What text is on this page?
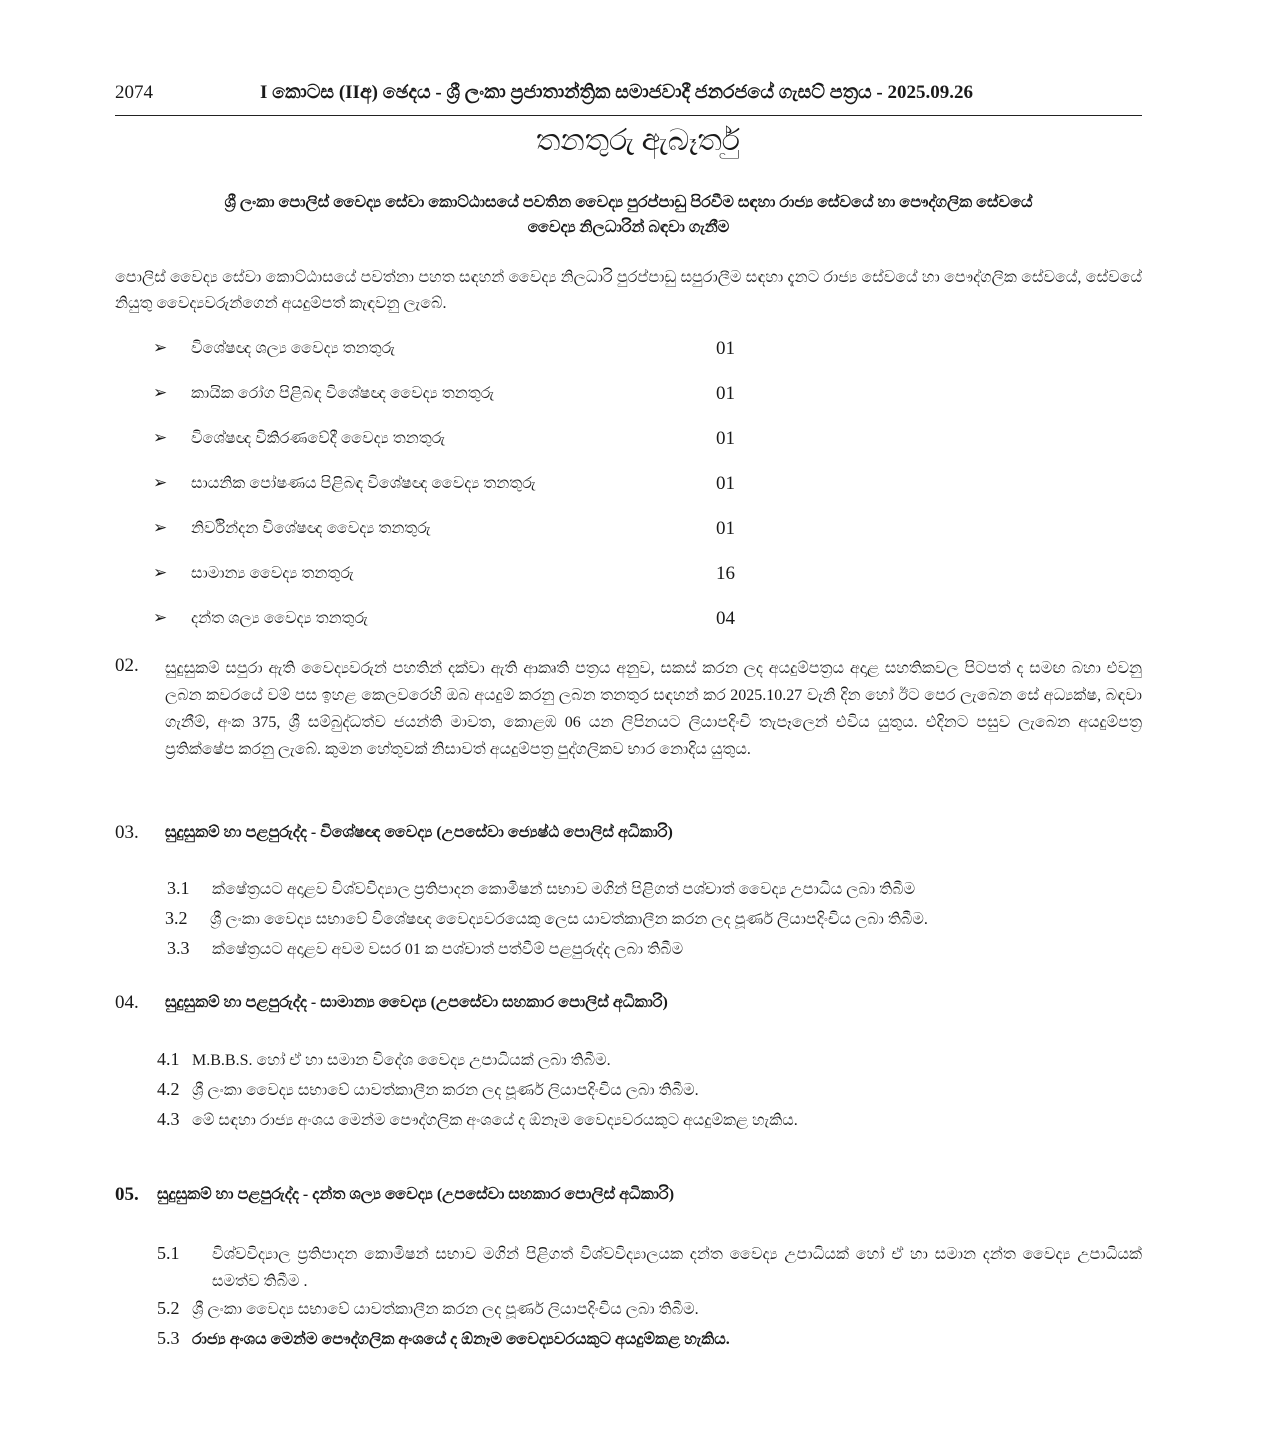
2074	I කොටස (IIඅ) ඡෙදය - ශ්‍රී ලංකා ප්‍රජාතාන්ත්‍රික සමාජවාදී ජනරජයේ ගැසට් පත්‍රය - 2025.09.26
තනතුරු ඇබෑර්තු
ශ්‍රී ලංකා පොලිස් වෛද්‍ය සේවා කොට්ඨාසයේ පවතින වෛද්‍ය පුරප්පාඩු පිරවීම සඳහා රාජ්‍ය සේවයේ හා පෞද්ගලික සේවයේ
වෛද්‍ය නිලධාරින් බඳවා ගැනීම
පොලිස් වෛද්‍ය සේවා කොට්ඨාසයේ පවත්නා පහත සඳහන් වෛද්‍ය නිලධාරි පුරප්පාඩු සපුරාලීම සඳහා දැනට රාජ්‍ය සේවයේ හා පෞද්ගලික සේවයේ, සේවයේ නියුතු වෛද්‍යවරුන්ගෙන් අයදුම්පත් කැඳවනු ලැබේ.
➢ විශේෂඥ ශල්‍ය වෛද්‍ය තනතුරු	01
➢ කායික රෝග පිළිබඳ විශේෂඥ වෛද්‍ය තනතුරු	01
➢ විශේෂඥ විකිරණවේදී වෛද්‍ය තනතුරු	01
➢ සායනික පෝෂණය පිළිබඳ විශේෂඥ වෛද්‍ය තනතුරු	01
➢ නිර්වින්දන විශේෂඥ වෛද්‍ය තනතුරු	01
➢ සාමාන්‍ය වෛද්‍ය තනතුරු	16
➢ දන්ත ශල්‍ය වෛද්‍ය තනතුරු	04
02. සුදුසුකම් සපුරා ඇති වෛද්‍යවරුන් පහතින් දක්වා ඇති ආකෘති පත්‍රය අනුව, සකස් කරන ලද අයදුම්පත්‍රය අදාළ සහතිකවල පිටපත් ද සමඟ බහා එවනු ලබන කවරයේ වම් පස ඉහළ කෙලවරෙහි ඔබ අයදුම් කරනු ලබන තනතුර සඳහන් කර 2025.10.27 වැනි දින හෝ ඊට පෙර ලැබෙන සේ අධ්‍යක්ෂ, බඳවා ගැනීම්, අංක 375, ශ්‍රී සම්බුද්ධත්ව ජයන්ති මාවත, කොළඹ 06 යන ලිපිනයට ලියාපදිංචි තැපෑලෙන් එවිය යුතුය. එදිනට පසුව ලැබෙන අයදුම්පත්‍ර ප්‍රතික්ෂේප කරනු ලැබේ. කුමන හේතුවක් නිසාවත් අයදුම්පත්‍ර පුද්ගලිකව භාර නොදිය යුතුය.
03. සුදුසුකම් හා පළපුරුද්ද - විශේෂඥ වෛද්‍ය (උපසේවා ජ්‍යෙෂ්ඨ පොලිස් අධිකාරි)
3.1 ක්ෂේත්‍රයට අදාළව විශ්වවිද්‍යාල ප්‍රතිපාදන කොමිෂන් සභාව මගින් පිළිගත් පශ්චාත් වෛද්‍ය උපාධිය ලබා තිබීම
3.2 ශ්‍රී ලංකා වෛද්‍ය සභාවේ විශේෂඥ වෛද්‍යවරයෙකු ලෙස යාවත්කාලීන කරන ලද පූර්ණ ලියාපදිංචිය ලබා තිබීම.
3.3 ක්ෂේත්‍රයට අදාළව අවම වසර 01 ක පශ්චාත් පත්වීම් පළපුරුද්ද ලබා තිබීම
04. සුදුසුකම් හා පළපුරුද්ද - සාමාන්‍ය වෛද්‍ය (උපසේවා සහකාර පොලිස් අධිකාරි)
4.1 M.B.B.S. හෝ ඒ හා සමාන විදේශ වෛද්‍ය උපාධියක් ලබා තිබීම.
4.2 ශ්‍රී ලංකා වෛද්‍ය සභාවේ යාවත්කාලීන කරන ලද පූර්ණ ලියාපදිංචිය ලබා තිබීම.
4.3 මේ සඳහා රාජ්‍ය අංශය මෙන්ම පෞද්ගලික අංශයේ ද ඕනෑම වෛද්‍යවරයකුට අයදුම්කළ හැකිය.
05. සුදුසුකම් හා පළපුරුද්ද - දන්ත ශල්‍ය වෛද්‍ය (උපසේවා සහකාර පොලිස් අධිකාරි)
5.1 විශ්වවිද්‍යාල ප්‍රතිපාදන කොමිෂන් සභාව මගින් පිළිගත් විශ්වවිද්‍යාලයක දන්ත වෛද්‍ය උපාධියක් හෝ ඒ හා සමාන දන්ත වෛද්‍ය උපාධියක් සමත්ව තිබීම .
5.2 ශ්‍රී ලංකා වෛද්‍ය සභාවේ යාවත්කාලීන කරන ලද පූර්ණ ලියාපදිංචිය ලබා තිබීම.
5.3 රාජ්‍ය අංශය මෙන්ම පෞද්ගලික අංශයේ ද ඕනෑම වෛද්‍යවරයකුට අයදුම්කළ හැකිය.
